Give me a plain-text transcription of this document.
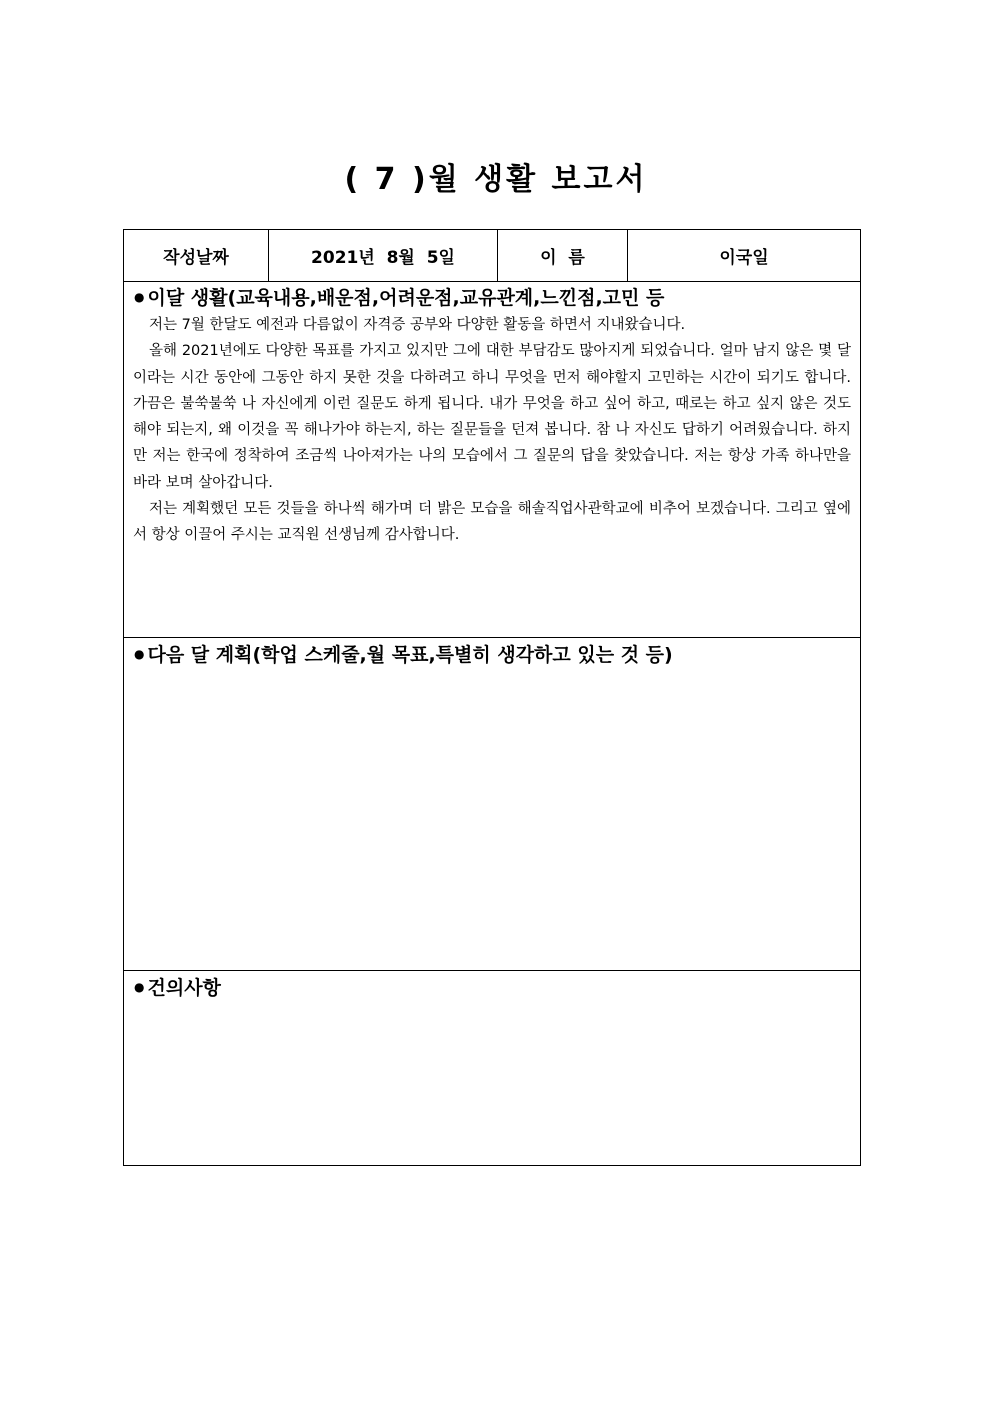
( 7 )월 생활 보고서
작성날짜	2021년  8월  5일	이  름	이국일
● 이달 생활(교육내용,배운점,어려운점,교유관계,느낀점,고민 등

저는 7월 한달도 예전과 다름없이 자격증 공부와 다양한 활동을 하면서 지내왔습니다.

올해 2021년에도 다양한 목표를 가지고 있지만 그에 대한 부담감도 많아지게 되었습니다. 얼마 남지 않은 몇 달이라는 시간 동안에 그동안 하지 못한 것을 다하려고 하니 무엇을 먼저 해야할지 고민하는 시간이 되기도 합니다. 가끔은 불쑥불쑥 나 자신에게 이런 질문도 하게 됩니다. 내가 무엇을 하고 싶어 하고, 때로는 하고 싶지 않은 것도 해야 되는지, 왜 이것을 꼭 해나가야 하는지, 하는 질문들을 던져 봅니다. 참 나 자신도 답하기 어려웠습니다. 하지만 저는 한국에 정착하여 조금씩 나아져가는 나의 모습에서 그 질문의 답을 찾았습니다. 저는 항상 가족 하나만을 바라 보며 살아갑니다.

저는 계획했던 모든 것들을 하나씩 해가며 더 밝은 모습을 해솔직업사관학교에 비추어 보겠습니다. 그리고 옆에서 항상 이끌어 주시는 교직원 선생님께 감사합니다.

● 다음 달 계획(학업 스케줄,월 목표,특별히 생각하고 있는 것 등)
● 건의사항
